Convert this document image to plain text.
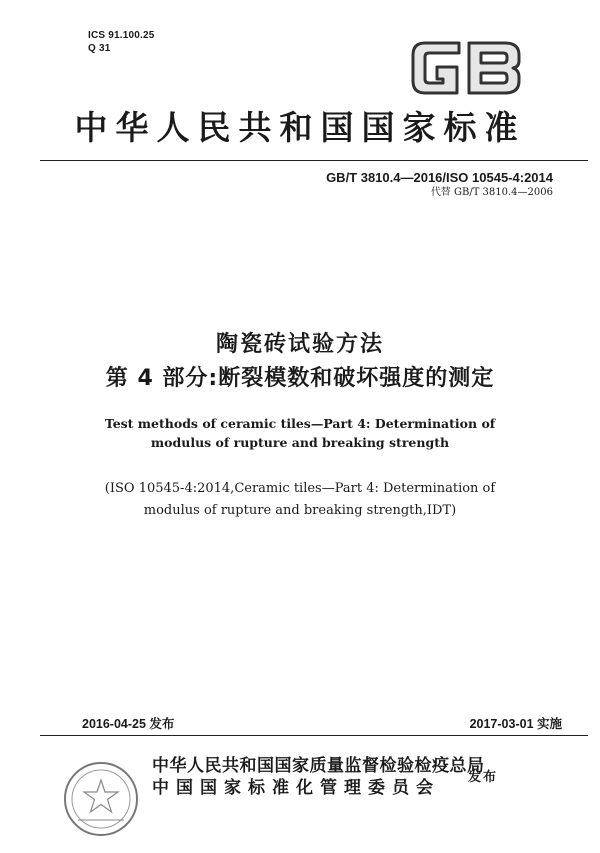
ICS 91.100.25
Q 31
中华人民共和国国家标准
GB/T 3810.4—2016/ISO 10545-4:2014
代替 GB/T 3810.4—2006
陶瓷砖试验方法
第 4 部分:断裂模数和破坏强度的测定
Test methods of ceramic tiles—Part 4: Determination of modulus of rupture and breaking strength
(ISO 10545-4:2014,Ceramic tiles—Part 4: Determination of modulus of rupture and breaking strength,IDT)
2016-04-25 发布	2017-03-01 实施
中华人民共和国国家质量监督检验检疫总局
中国国家标准化管理委员会
发布
